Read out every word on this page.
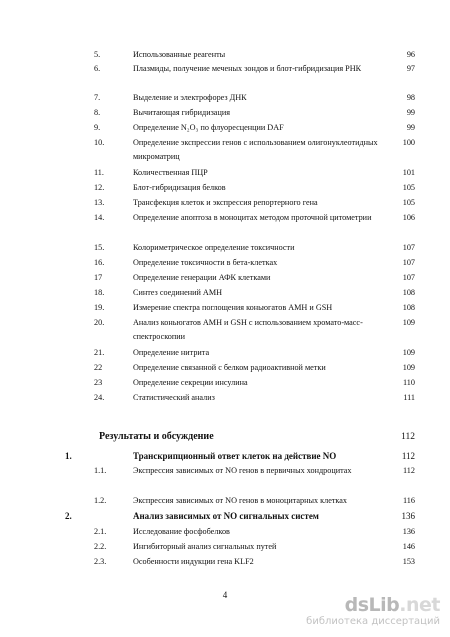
5.	Использованные реагенты	96
6.	Плазмиды, получение меченых зондов и блот-гибридизация РНК	97
7.	Выделение и электрофорез ДНК	98
8.	Вычитающая гибридизация	99
9.	Определение N₂O₃ по флуоресценции DAF	99
10.	Определение экспрессии генов с использованием олигонуклеотидных микроматриц
100
11.	Количественная ПЦР	101
12.	Блот-гибридизация белков	105
13.	Трансфекция клеток и экспрессия репортерного гена	105
14.	Определение апоптоза в моноцитах методом проточной цитометрии	106
15.	Колориметрическое определение токсичности	107
16.	Определение токсичности в бета-клетках	107
17	Определение генерации АФК клетками	107
18.	Синтез соединений АМН	108
19.	Измерение спектра поглощения коньюгатов АМН и GSH	108
20.	Анализ коньюгатов АМН и GSH с использованием хромато-масс-спектроскопии
109
21.	Определение нитрита	109
22	Определение связанной с белком радиоактивной метки	109
23	Определение секреции инсулина	110
24.	Статистический анализ	111
Результаты и обсуждение	112
1.	Транскрипционный ответ клеток на действие NO	112
1.1.	Экспрессия зависимых от NO генов в первичных хондроцитах	112
1.2.	Экспрессия зависимых от NO генов в моноцитарных клетках	116
2.	Анализ зависимых от NO сигнальных систем	136
2.1.	Исследование фосфобелков	136
2.2.	Ингибиторный анализ сигнальных путей	146
2.3.	Особенности индукции гена KLF2	153
4	dsLib.net
библиотека диссертаций
